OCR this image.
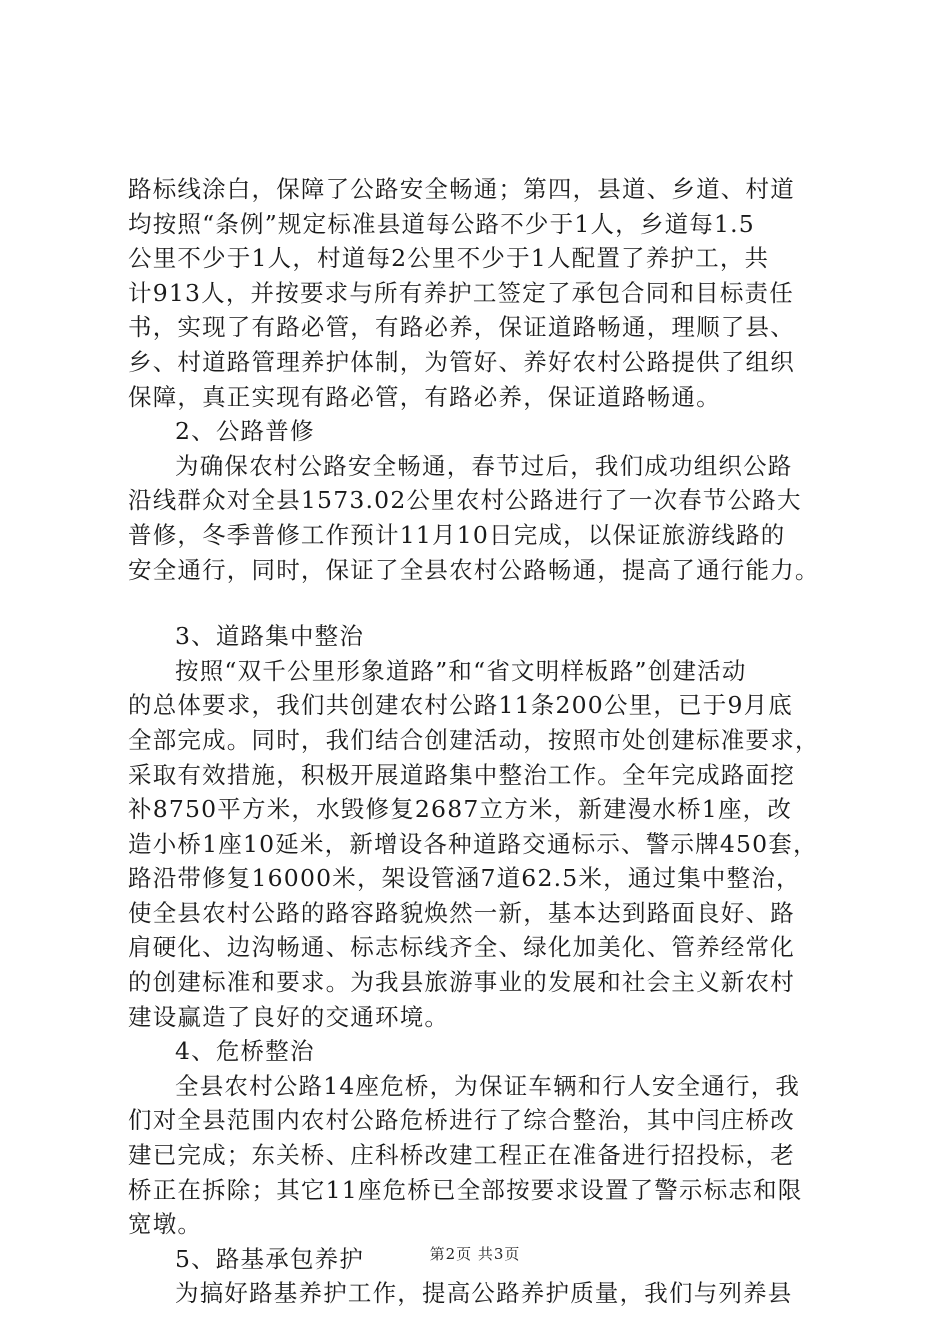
路标线涂白，保障了公路安全畅通；第四，县道、乡道、村道
均按照“条例”规定标准县道每公路不少于1人，乡道每1.5
公里不少于1人，村道每2公里不少于1人配置了养护工，共
计913人，并按要求与所有养护工签定了承包合同和目标责任
书，实现了有路必管，有路必养，保证道路畅通，理顺了县、
乡、村道路管理养护体制，为管好、养好农村公路提供了组织
保障，真正实现有路必管，有路必养，保证道路畅通。
2、公路普修
为确保农村公路安全畅通，春节过后，我们成功组织公路
沿线群众对全县1573.02公里农村公路进行了一次春节公路大
普修，冬季普修工作预计11月10日完成，以保证旅游线路的
安全通行，同时，保证了全县农村公路畅通，提高了通行能力。
3、道路集中整治
按照“双千公里形象道路”和“省文明样板路”创建活动
的总体要求，我们共创建农村公路11条200公里，已于9月底
全部完成。同时，我们结合创建活动，按照市处创建标准要求，
采取有效措施，积极开展道路集中整治工作。全年完成路面挖
补8750平方米，水毁修复2687立方米，新建漫水桥1座，改
造小桥1座10延米，新增设各种道路交通标示、警示牌450套，
路沿带修复16000米，架设管涵7道62.5米，通过集中整治，
使全县农村公路的路容路貌焕然一新，基本达到路面良好、路
肩硬化、边沟畅通、标志标线齐全、绿化加美化、管养经常化
的创建标准和要求。为我县旅游事业的发展和社会主义新农村
建设赢造了良好的交通环境。
4、危桥整治
全县农村公路14座危桥，为保证车辆和行人安全通行，我
们对全县范围内农村公路危桥进行了综合整治，其中闫庄桥改
建已完成；东关桥、庄科桥改建工程正在准备进行招投标，老
桥正在拆除；其它11座危桥已全部按要求设置了警示标志和限
宽墩。
5、路基承包养护
为搞好路基养护工作，提高公路养护质量，我们与列养县
第2页 共3页
